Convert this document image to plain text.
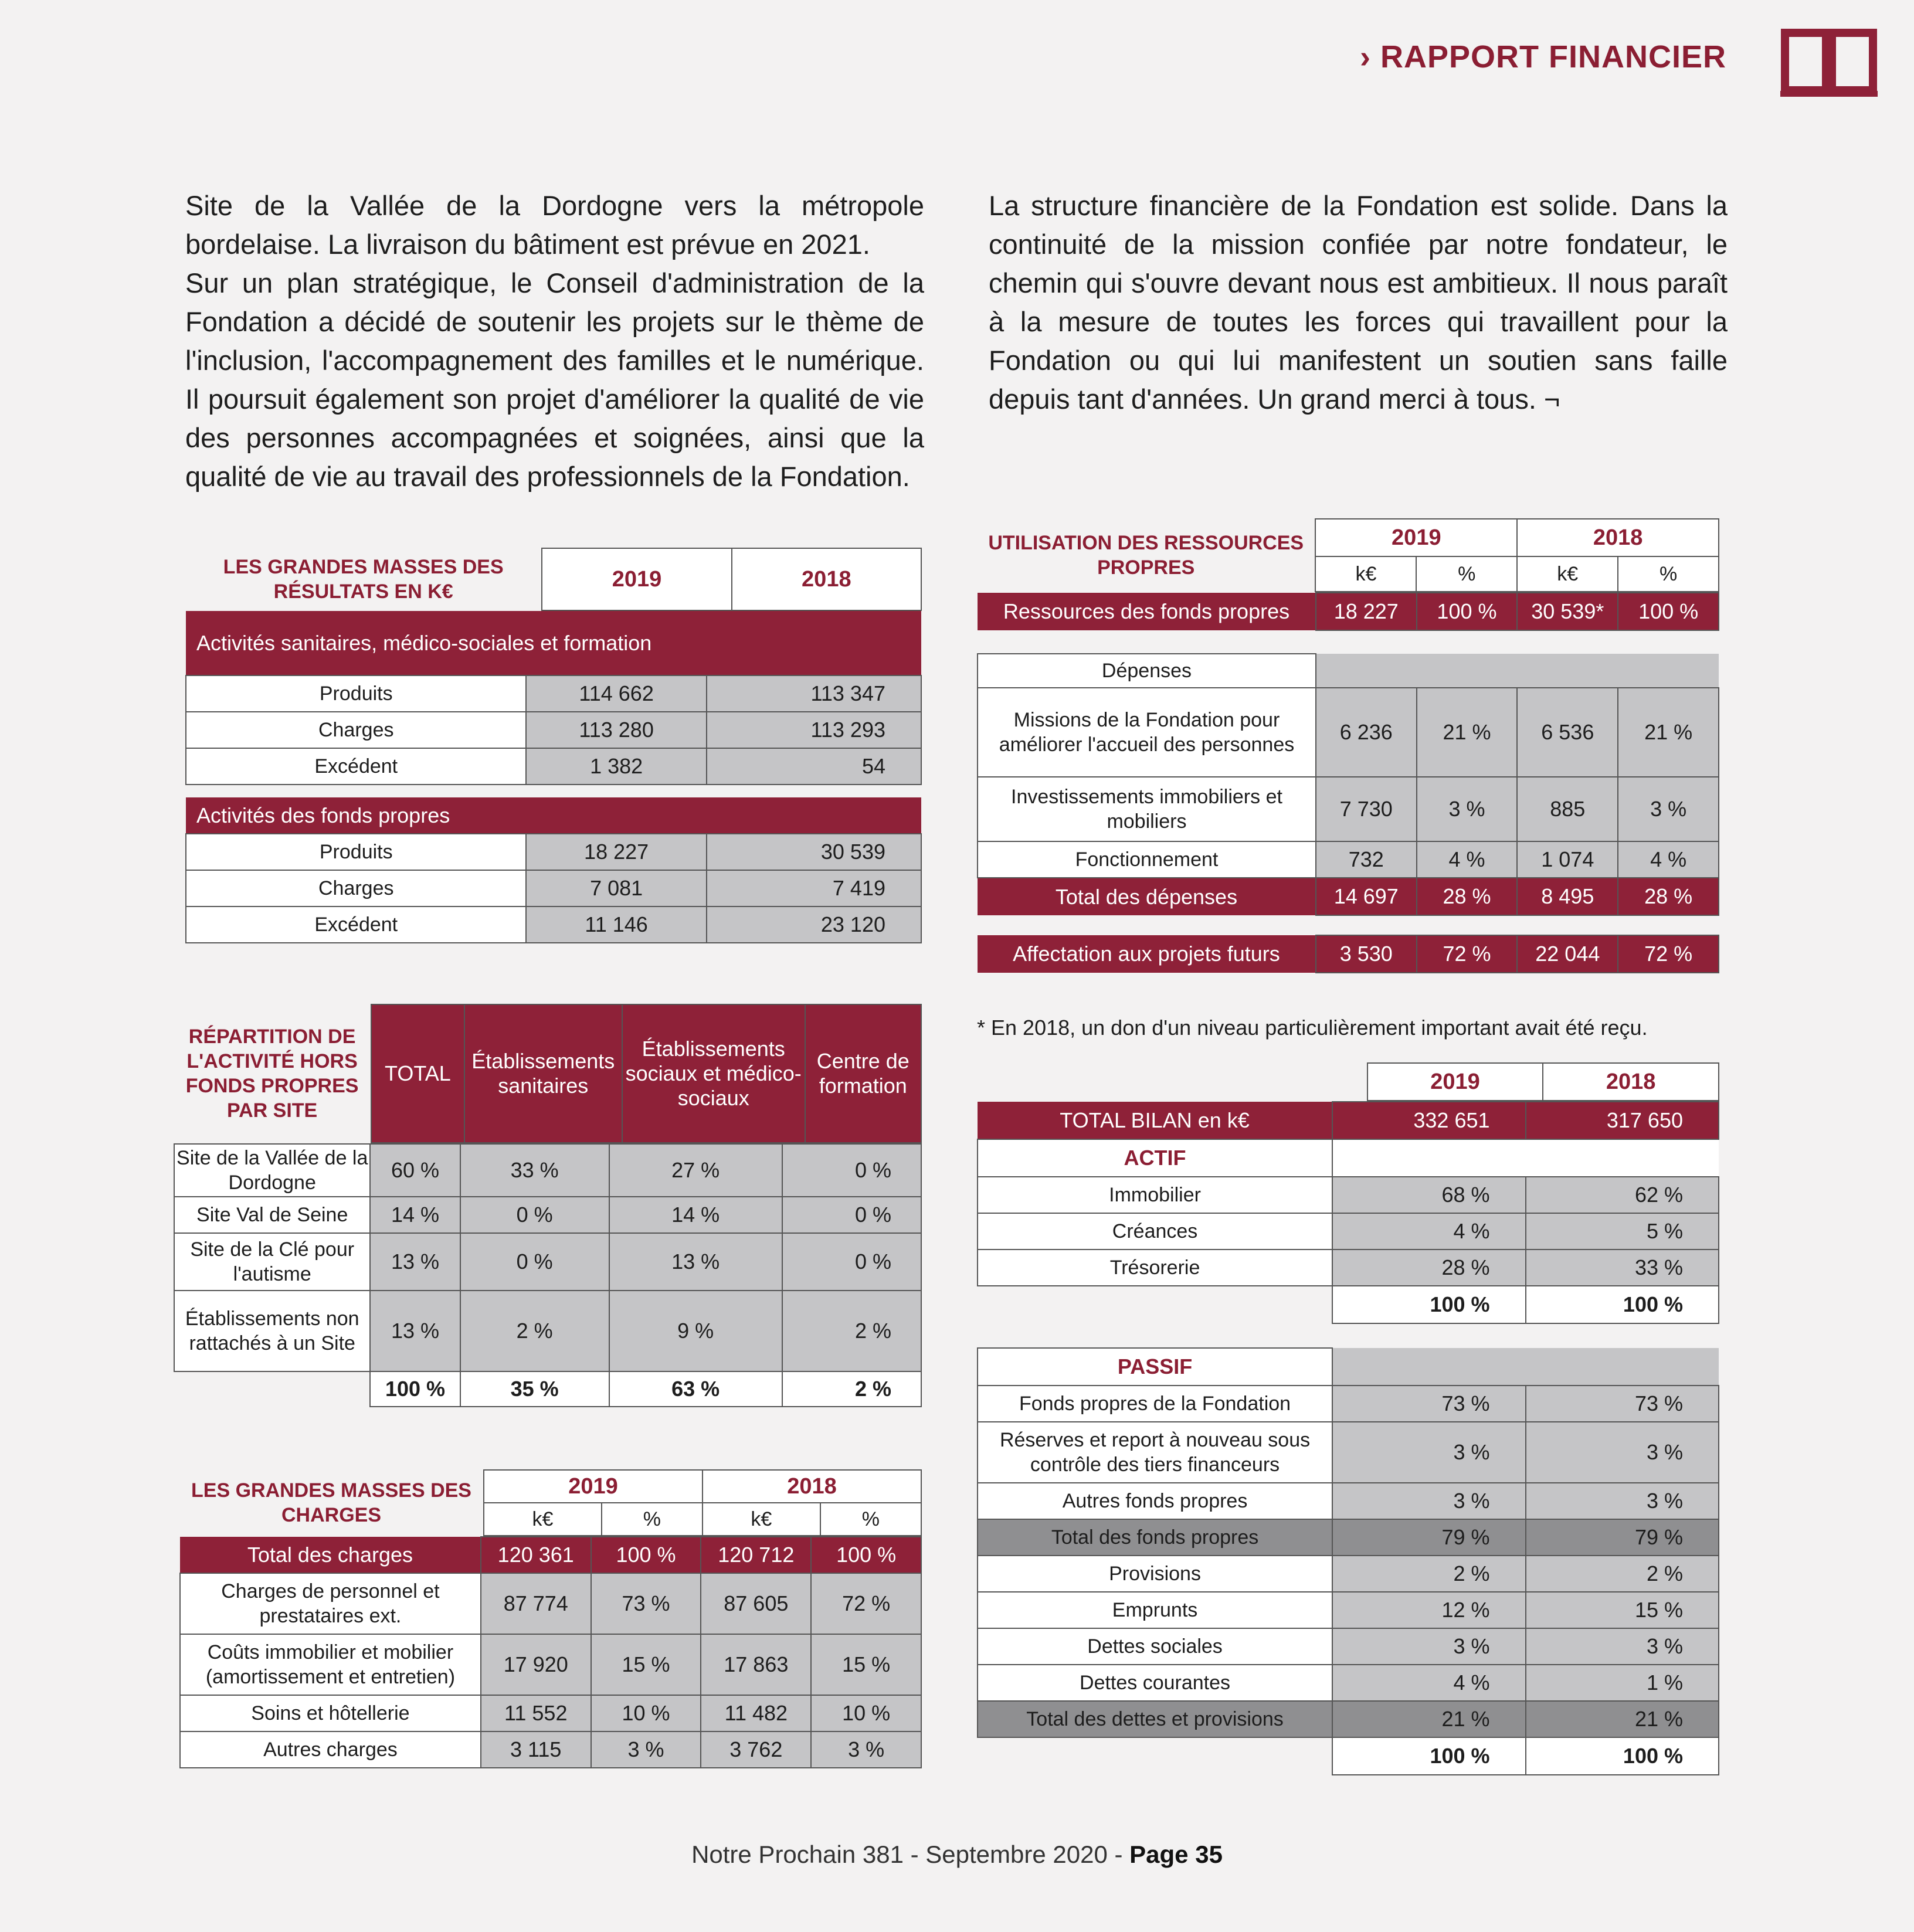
› RAPPORT FINANCIER

Site de la Vallée de la Dordogne vers la métropole bordelaise. La livraison du bâtiment est prévue en 2021.

Sur un plan stratégique, le Conseil d'administration de la Fondation a décidé de soutenir les projets sur le thème de l'inclusion, l'accompagnement des familles et le numérique. Il poursuit également son projet d'améliorer la qualité de vie des personnes accompagnées et soignées, ainsi que la qualité de vie au travail des professionnels de la Fondation.

La structure financière de la Fondation est solide. Dans la continuité de la mission confiée par notre fondateur, le chemin qui s'ouvre devant nous est ambitieux. Il nous paraît à la mesure de toutes les forces qui travaillent pour la Fondation ou qui lui manifestent un soutien sans faille depuis tant d'années. Un grand merci à tous. ¬

LES GRANDES MASSES DES RÉSULTATS EN K€	2019	2018
Activités sanitaires, médico-sociales et formation		
Produits	114 662	113 347
Charges	113 280	113 293
Excédent	1 382	54

Activités des fonds propres		
Produits	18 227	30 539
Charges	7 081	7 419
Excédent	11 146	23 120
RÉPARTITION DE L'ACTIVITÉ HORS FONDS PROPRES PAR SITE	TOTAL	Établissements sanitaires	Établissements sociaux et médico-sociaux	Centre de formation
Site de la Vallée de la Dordogne	60 %	33 %	27 %	0 %
Site Val de Seine	14 %	0 %	14 %	0 %
Site de la Clé pour l'autisme	13 %	0 %	13 %	0 %
Établissements non rattachés à un Site	13 %	2 %	9 %	2 %
	100 %	35 %	63 %	2 %
LES GRANDES MASSES DES CHARGES	2019		2018	
	k€	%	k€	%
Total des charges	120 361	100 %	120 712	100 %
Charges de personnel et prestataires ext.	87 774	73 %	87 605	72 %
Coûts immobilier et mobilier (amortissement et entretien)	17 920	15 %	17 863	15 %
Soins et hôtellerie	11 552	10 %	11 482	10 %
Autres charges	3 115	3 %	3 762	3 %
UTILISATION DES RESSOURCES PROPRES	2019		2018	
	k€	%	k€	%
Ressources des fonds propres	18 227	100 %	30 539*	100 %

Dépenses				
Missions de la Fondation pour améliorer l'accueil des personnes	6 236	21 %	6 536	21 %
Investissements immobiliers et mobiliers	7 730	3 %	885	3 %
Fonctionnement	732	4 %	1 074	4 %
Total des dépenses	14 697	28 %	8 495	28 %

Affectation aux projets futurs	3 530	72 %	22 044	72 %
* En 2018, un don d'un niveau particulièrement important avait été reçu.
	2019	2018
TOTAL BILAN en k€	332 651	317 650
ACTIF		
Immobilier	68 %	62 %
Créances	4 %	5 %
Trésorerie	28 %	33 %
	100 %	100 %

PASSIF		
Fonds propres de la Fondation	73 %	73 %
Réserves et report à nouveau sous contrôle des tiers financeurs	3 %	3 %
Autres fonds propres	3 %	3 %
Total des fonds propres	79 %	79 %
Provisions	2 %	2 %
Emprunts	12 %	15 %
Dettes sociales	3 %	3 %
Dettes courantes	4 %	1 %
Total des dettes et provisions	21 %	21 %
	100 %	100 %
Notre Prochain 381 - Septembre 2020 - Page 35
